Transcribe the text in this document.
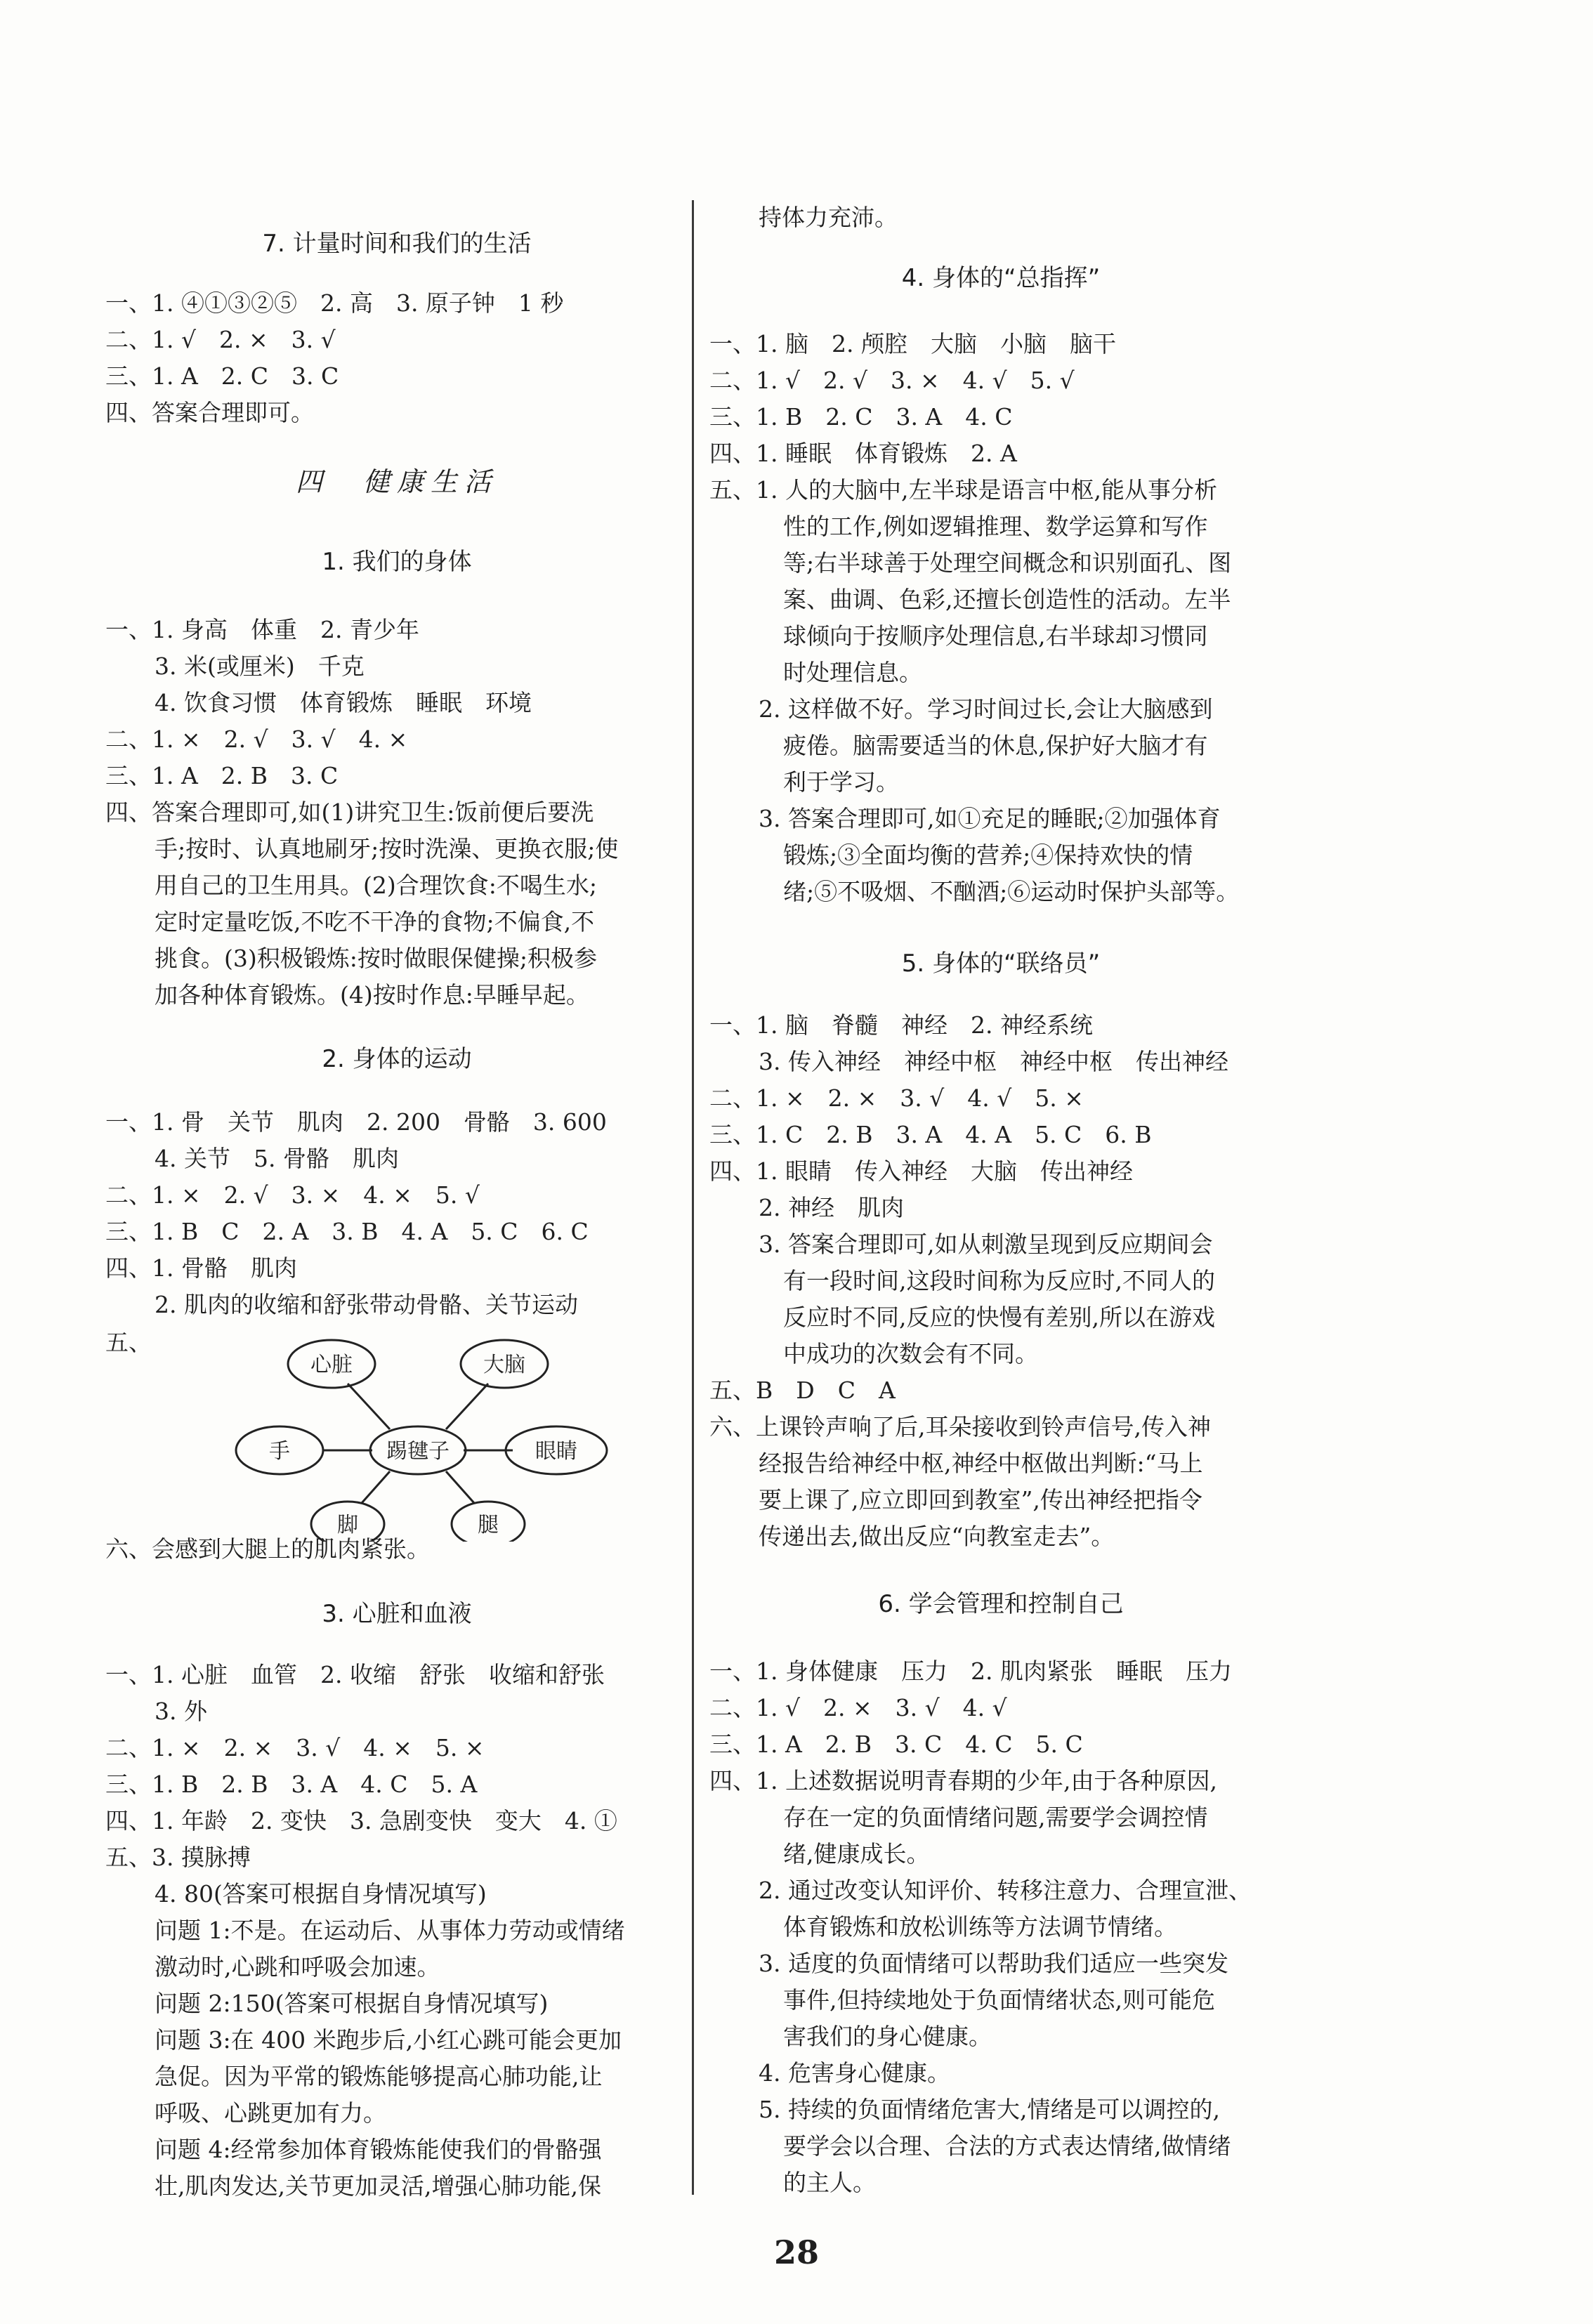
7. 计量时间和我们的生活
一、1. ④①③②⑤　2. 高　3. 原子钟　1 秒
二、1. √　2. ×　3. √
三、1. A　2. C　3. C
四、答案合理即可。
四　健康生活
1. 我们的身体
一、1. 身高　体重　2. 青少年
3. 米(或厘米)　千克
4. 饮食习惯　体育锻炼　睡眠　环境
二、1. ×　2. √　3. √　4. ×
三、1. A　2. B　3. C
四、答案合理即可,如(1)讲究卫生:饭前便后要洗
手;按时、认真地刷牙;按时洗澡、更换衣服;使
用自己的卫生用具。(2)合理饮食:不喝生水;
定时定量吃饭,不吃不干净的食物;不偏食,不
挑食。(3)积极锻炼:按时做眼保健操;积极参
加各种体育锻炼。(4)按时作息:早睡早起。
2. 身体的运动
一、1. 骨　关节　肌肉　2. 200　骨骼　3. 600
4. 关节　5. 骨骼　肌肉
二、1. ×　2. √　3. ×　4. ×　5. √
三、1. B　C　2. A　3. B　4. A　5. C　6. C
四、1. 骨骼　肌肉
2. 肌肉的收缩和舒张带动骨骼、关节运动
五、
踢毽子
心脏	大脑
手	眼睛
脚	腿
六、会感到大腿上的肌肉紧张。
3. 心脏和血液
一、1. 心脏　血管　2. 收缩　舒张　收缩和舒张
3. 外
二、1. ×　2. ×　3. √　4. ×　5. ×
三、1. B　2. B　3. A　4. C　5. A
四、1. 年龄　2. 变快　3. 急剧变快　变大　4. ①
五、3. 摸脉搏
4. 80(答案可根据自身情况填写)
问题 1:不是。在运动后、从事体力劳动或情绪
激动时,心跳和呼吸会加速。
问题 2:150(答案可根据自身情况填写)
问题 3:在 400 米跑步后,小红心跳可能会更加
急促。因为平常的锻炼能够提高心肺功能,让
呼吸、心跳更加有力。
问题 4:经常参加体育锻炼能使我们的骨骼强
壮,肌肉发达,关节更加灵活,增强心肺功能,保
持体力充沛。
4. 身体的“总指挥”
一、1. 脑　2. 颅腔　大脑　小脑　脑干
二、1. √　2. √　3. ×　4. √　5. √
三、1. B　2. C　3. A　4. C
四、1. 睡眠　体育锻炼　2. A
五、1. 人的大脑中,左半球是语言中枢,能从事分析
性的工作,例如逻辑推理、数学运算和写作
等;右半球善于处理空间概念和识别面孔、图
案、曲调、色彩,还擅长创造性的活动。左半
球倾向于按顺序处理信息,右半球却习惯同
时处理信息。
2. 这样做不好。学习时间过长,会让大脑感到
疲倦。脑需要适当的休息,保护好大脑才有
利于学习。
3. 答案合理即可,如①充足的睡眠;②加强体育
锻炼;③全面均衡的营养;④保持欢快的情
绪;⑤不吸烟、不酗酒;⑥运动时保护头部等。
5. 身体的“联络员”
一、1. 脑　脊髓　神经　2. 神经系统
3. 传入神经　神经中枢　神经中枢　传出神经
二、1. ×　2. ×　3. √　4. √　5. ×
三、1. C　2. B　3. A　4. A　5. C　6. B
四、1. 眼睛　传入神经　大脑　传出神经
2. 神经　肌肉
3. 答案合理即可,如从刺激呈现到反应期间会
有一段时间,这段时间称为反应时,不同人的
反应时不同,反应的快慢有差别,所以在游戏
中成功的次数会有不同。
五、B　D　C　A
六、上课铃声响了后,耳朵接收到铃声信号,传入神
经报告给神经中枢,神经中枢做出判断:“马上
要上课了,应立即回到教室”,传出神经把指令
传递出去,做出反应“向教室走去”。
6. 学会管理和控制自己
一、1. 身体健康　压力　2. 肌肉紧张　睡眠　压力
二、1. √　2. ×　3. √　4. √
三、1. A　2. B　3. C　4. C　5. C
四、1. 上述数据说明青春期的少年,由于各种原因,
存在一定的负面情绪问题,需要学会调控情
绪,健康成长。
2. 通过改变认知评价、转移注意力、合理宣泄、
体育锻炼和放松训练等方法调节情绪。
3. 适度的负面情绪可以帮助我们适应一些突发
事件,但持续地处于负面情绪状态,则可能危
害我们的身心健康。
4. 危害身心健康。
5. 持续的负面情绪危害大,情绪是可以调控的,
要学会以合理、合法的方式表达情绪,做情绪
的主人。
28
